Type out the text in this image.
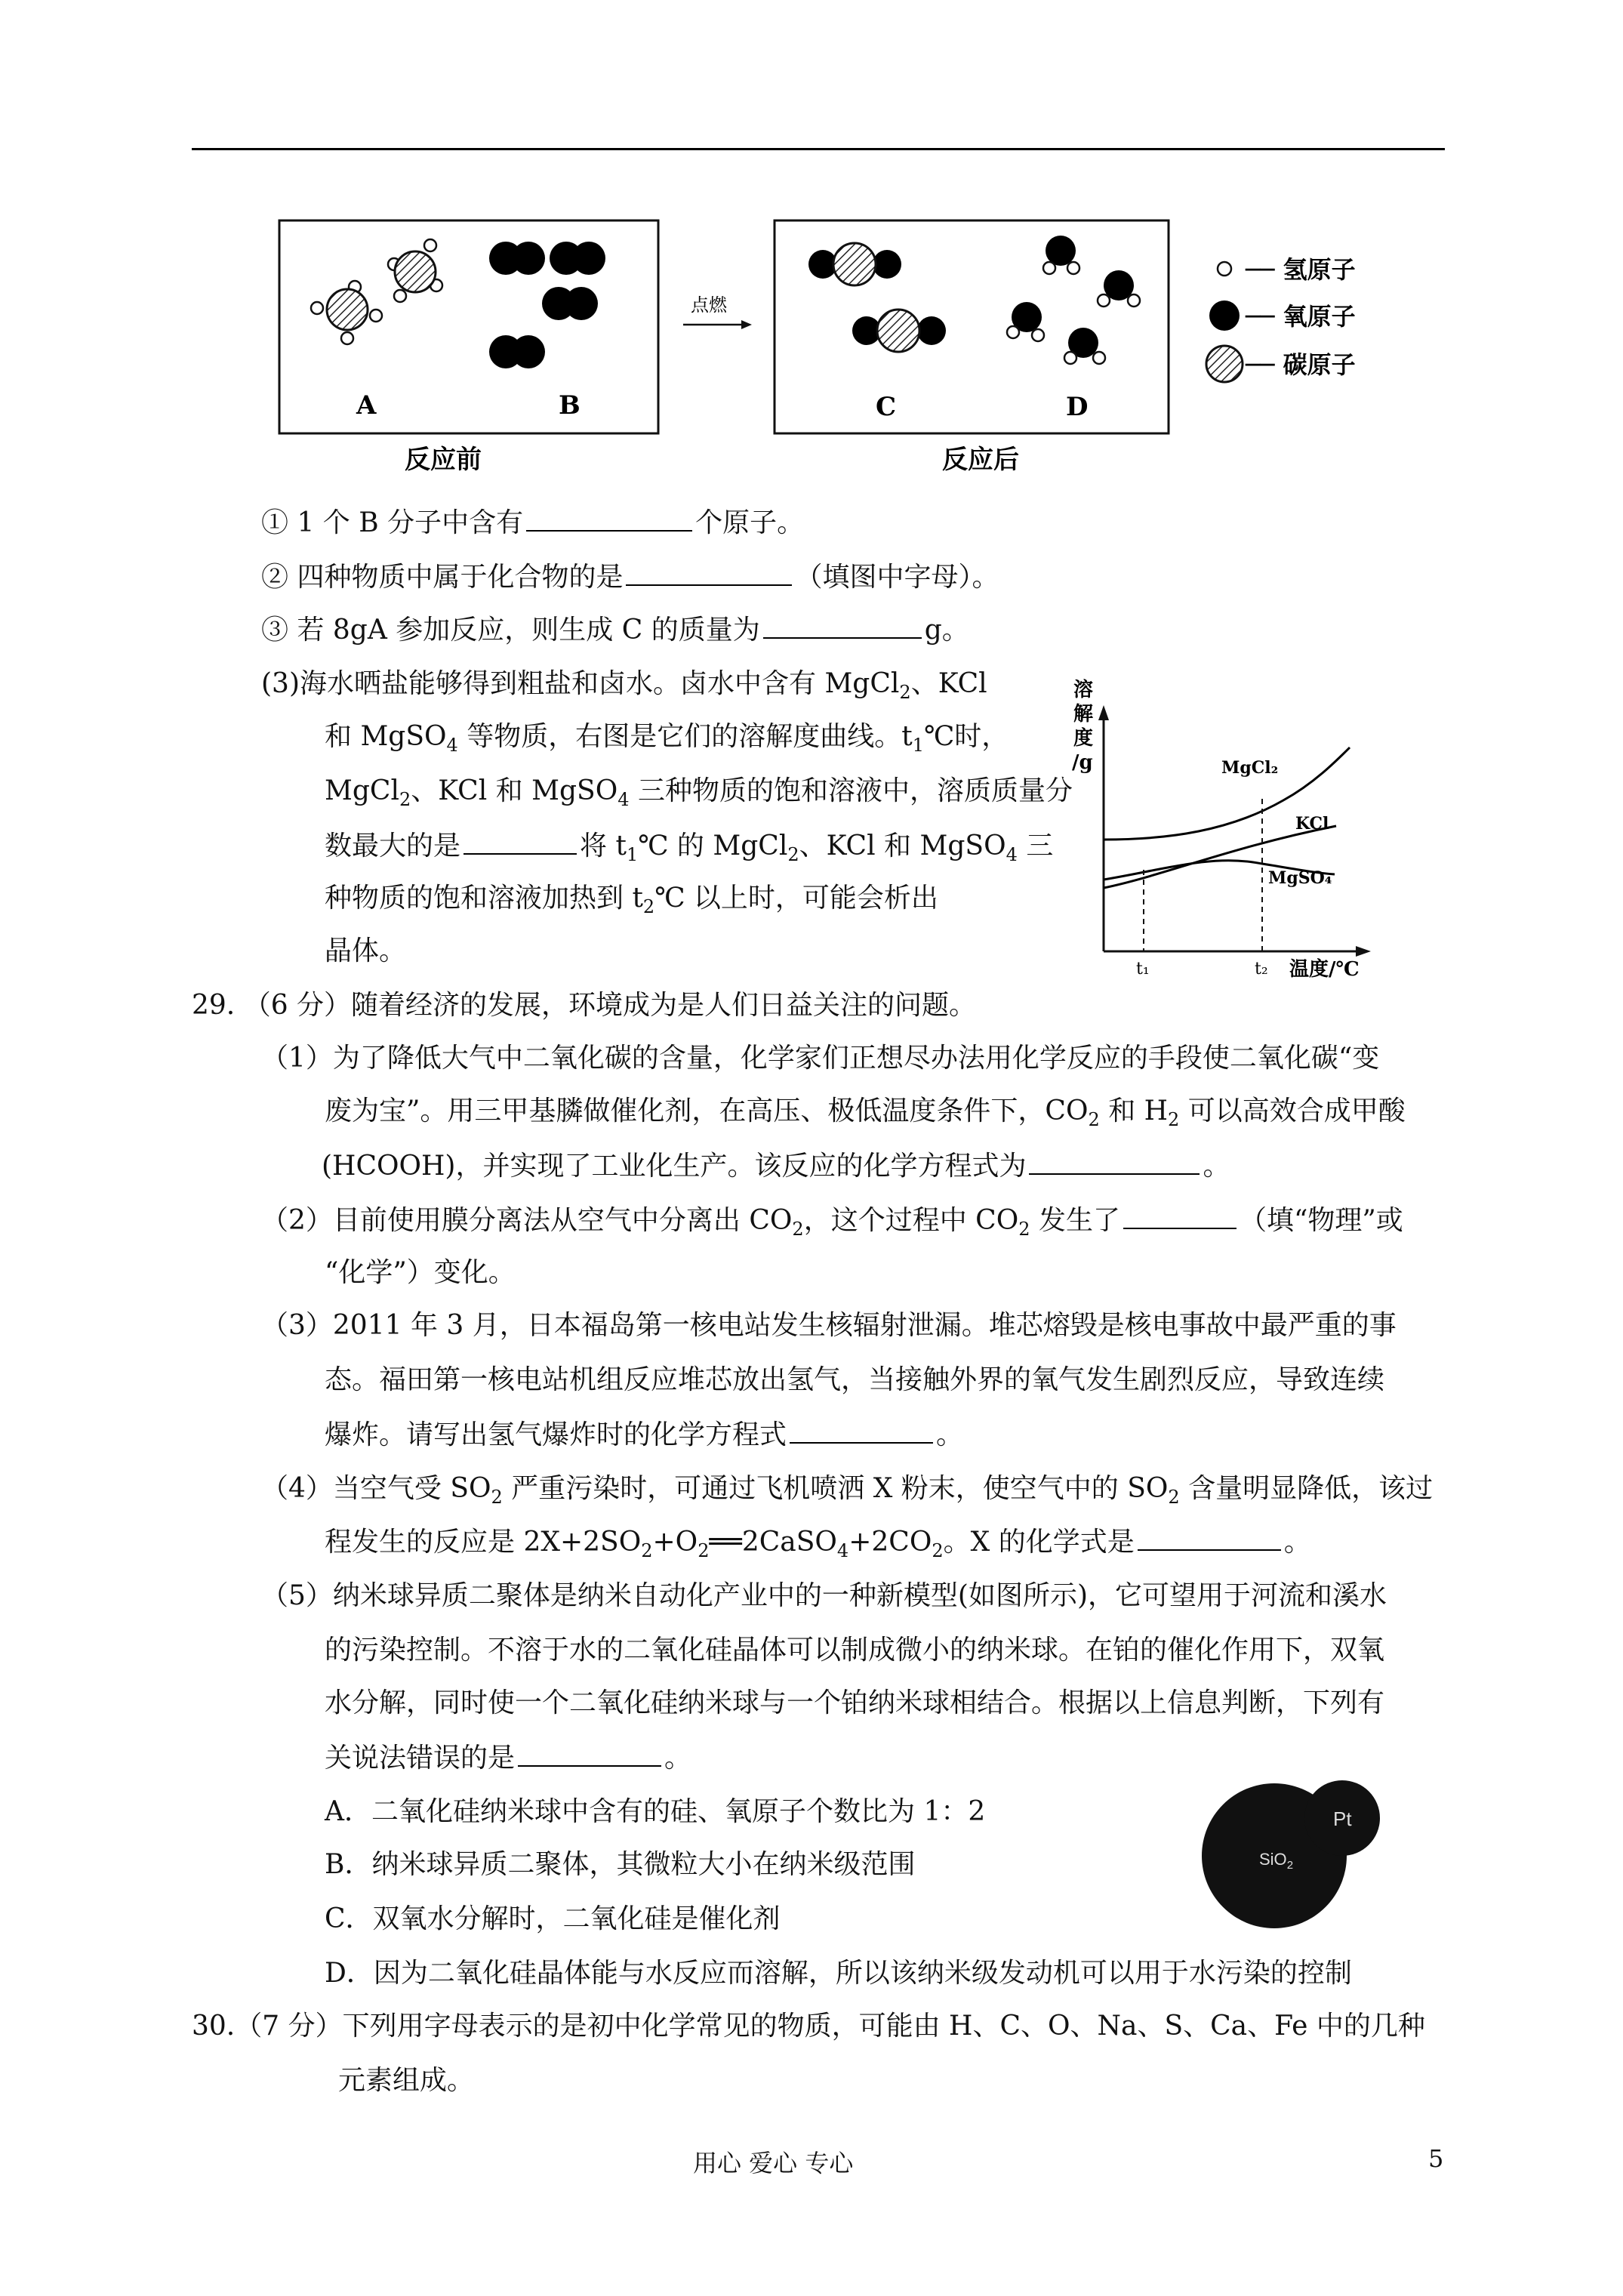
A	B
点燃
C	D
反应前	反应后
── 氢原子
── 氧原子
── 碳原子
① 1 个 B 分子中含有	个原子。
② 四种物质中属于化合物的是	（填图中字母）。
③ 若 8gA 参加反应，则生成 C 的质量为	g。
(3)海水晒盐能够得到粗盐和卤水。卤水中含有 MgCl$_2$、KCl
和 MgSO$_4$ 等物质，右图是它们的溶解度曲线。$t_1℃$时，
MgCl$_2$、KCl 和 MgSO$_4$ 三种物质的饱和溶液中，溶质质量分
数最大的是	将 $t_1℃$ 的 MgCl$_2$、KCl 和 MgSO$_4$ 三
种物质的饱和溶液加热到 $t_2℃$ 以上时，可能会析出
晶体。
溶 解 度 /g	MgCl₂
KCl
MgSO₄
t₁	t₂ 温度/℃
29. （6 分）随着经济的发展，环境成为是人们日益关注的问题。
（1）为了降低大气中二氧化碳的含量，化学家们正想尽办法用化学反应的手段使二氧化碳“变
废为宝”。用三甲基膦做催化剂，在高压、极低温度条件下，$CO_2$ 和 $H_2$ 可以高效合成甲酸
(HCOOH)，并实现了工业化生产。该反应的化学方程式为	。
（2）目前使用膜分离法从空气中分离出 $CO_2$，这个过程中 $CO_2$ 发生了	（填“物理”或
“化学”）变化。
（3）2011 年 3 月，日本福岛第一核电站发生核辐射泄漏。堆芯熔毁是核电事故中最严重的事
态。福田第一核电站机组反应堆芯放出氢气，当接触外界的氧气发生剧烈反应，导致连续
爆炸。请写出氢气爆炸时的化学方程式	。
（4）当空气受 $SO_2$ 严重污染时，可通过飞机喷洒 X 粉末，使空气中的 $SO_2$ 含量明显降低，该过
程发生的反应是 $2X+2SO_2+O_2══2CaSO_4+2CO_2$。X 的化学式是	。
（5）纳米球异质二聚体是纳米自动化产业中的一种新模型(如图所示)，它可望用于河流和溪水
的污染控制。不溶于水的二氧化硅晶体可以制成微小的纳米球。在铂的催化作用下，双氧
水分解，同时使一个二氧化硅纳米球与一个铂纳米球相结合。根据以上信息判断，下列有
关说法错误的是	。
A．二氧化硅纳米球中含有的硅、氧原子个数比为 1：2
B．纳米球异质二聚体，其微粒大小在纳米级范围
C．双氧水分解时，二氧化硅是催化剂
D．因为二氧化硅晶体能与水反应而溶解，所以该纳米级发动机可以用于水污染的控制
SiO$_2$
Pt
30.（7 分）下列用字母表示的是初中化学常见的物质，可能由 H、C、O、Na、S、Ca、Fe 中的几种
元素组成。
用心 爱心 专心	5
